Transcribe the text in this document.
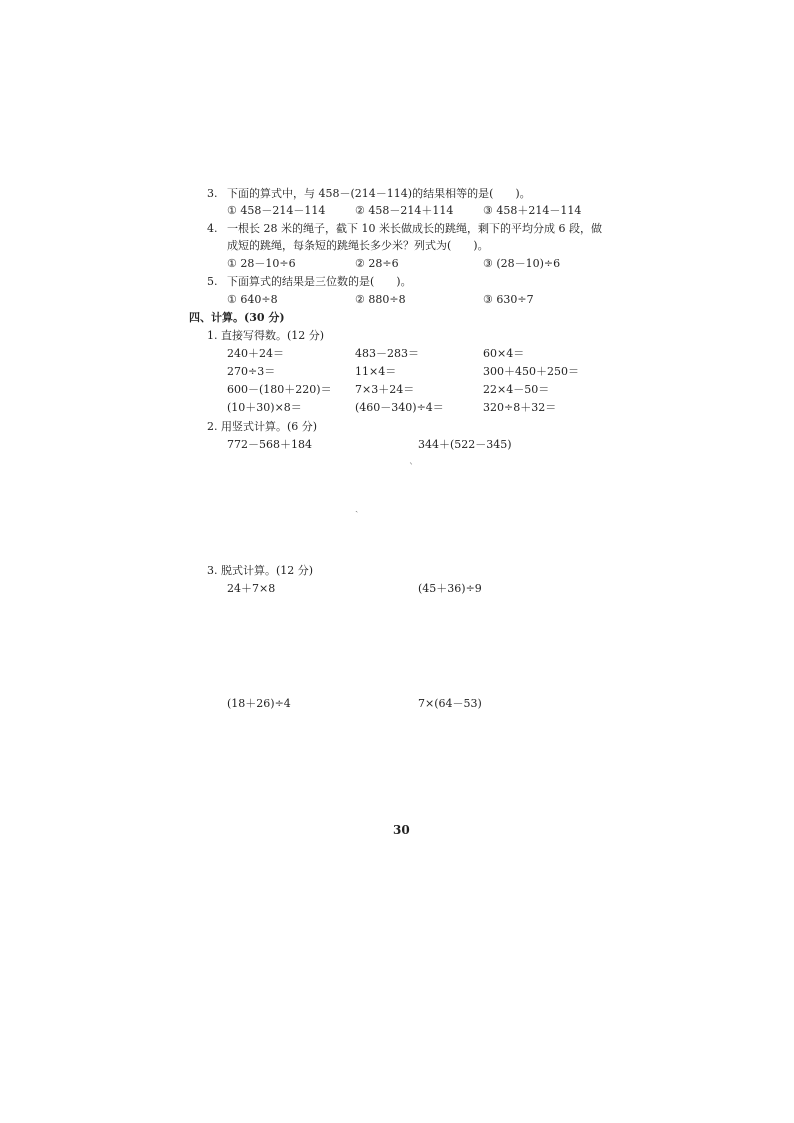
3. 下面的算式中，与 458－(214－114)的结果相等的是(　　)。
① 458－214－114	② 458－214＋114	③ 458＋214－114
4. 一根长 28 米的绳子，截下 10 米长做成长的跳绳，剩下的平均分成 6 段，做
成短的跳绳，每条短的跳绳长多少米？列式为(　　)。
① 28－10÷6	② 28÷6	③ (28－10)÷6
5. 下面算式的结果是三位数的是(　　)。
① 640÷8	② 880÷8	③ 630÷7
四、计算。(30 分)
1. 直接写得数。(12 分)
240＋24＝	483－283＝	60×4＝
270÷3＝	11×4＝	300＋450＋250＝
600－(180＋220)＝ 7×3＋24＝	22×4－50＝
(10＋30)×8＝	(460－340)÷4＝	320÷8＋32＝
2. 用竖式计算。(6 分)
772－568＋184	344＋(522－345)
3. 脱式计算。(12 分)
24＋7×8	(45＋36)÷9
(18＋26)÷4	7×(64－53)
ˋ
ˎ
30
